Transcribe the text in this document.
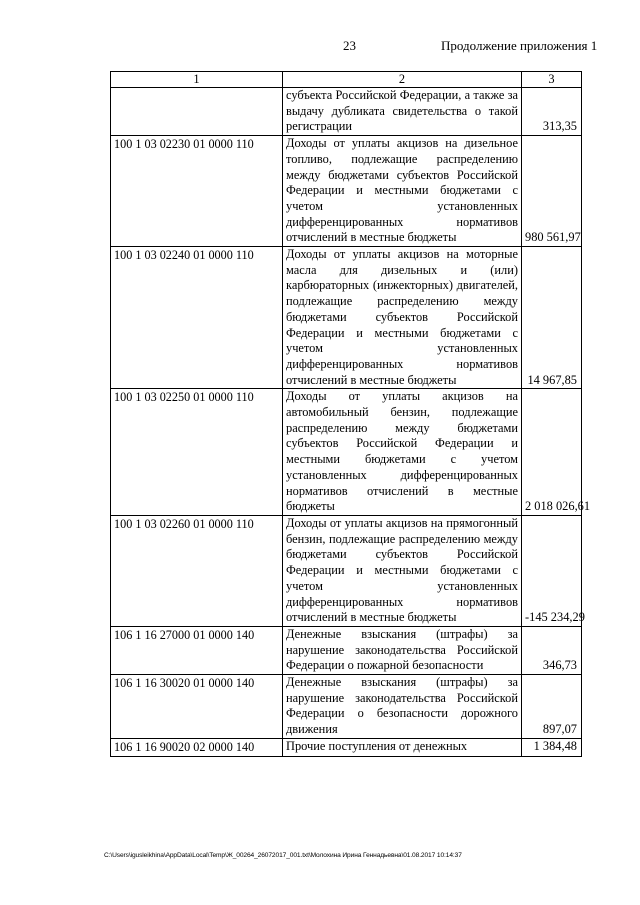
23	Продолжение приложения 1
1	2	3
	субъекта Российской Федерации, а также за выдачу дубликата свидетельства о такой регистрации	313,35
100 1 03 02230 01 0000 110	Доходы от уплаты акцизов на дизельное топливо, подлежащие распределению между бюджетами субъектов Российской Федерации и местными бюджетами с учетом установленных дифференцированных нормативов отчислений в местные бюджеты	980 561,97
100 1 03 02240 01 0000 110	Доходы от уплаты акцизов на моторные масла для дизельных и (или) карбюраторных (инжекторных) двигателей, подлежащие распределению между бюджетами субъектов Российской Федерации и местными бюджетами с учетом установленных дифференцированных нормативов отчислений в местные бюджеты	14 967,85
100 1 03 02250 01 0000 110	Доходы от уплаты акцизов на автомобильный бензин, подлежащие распределению между бюджетами субъектов Российской Федерации и местными бюджетами с учетом установленных дифференцированных нормативов отчислений в местные бюджеты	2 018 026,61
100 1 03 02260 01 0000 110	Доходы от уплаты акцизов на прямогонный бензин, подлежащие распределению между бюджетами субъектов Российской Федерации и местными бюджетами с учетом установленных дифференцированных нормативов отчислений в местные бюджеты	-145 234,29
106 1 16 27000 01 0000 140	Денежные взыскания (штрафы) за нарушение законодательства Российской Федерации о пожарной безопасности	346,73
106 1 16 30020 01 0000 140	Денежные взыскания (штрафы) за нарушение законодательства Российской Федерации о безопасности дорожного движения	897,07
106 1 16 90020 02 0000 140	Прочие поступления от денежных	1 384,48
C:\Users\igusleikhina\AppData\Local\Temp\Ж_00264_26072017_001.txt\Молохина Ирина Геннадьевна\01.08.2017 10:14:37
